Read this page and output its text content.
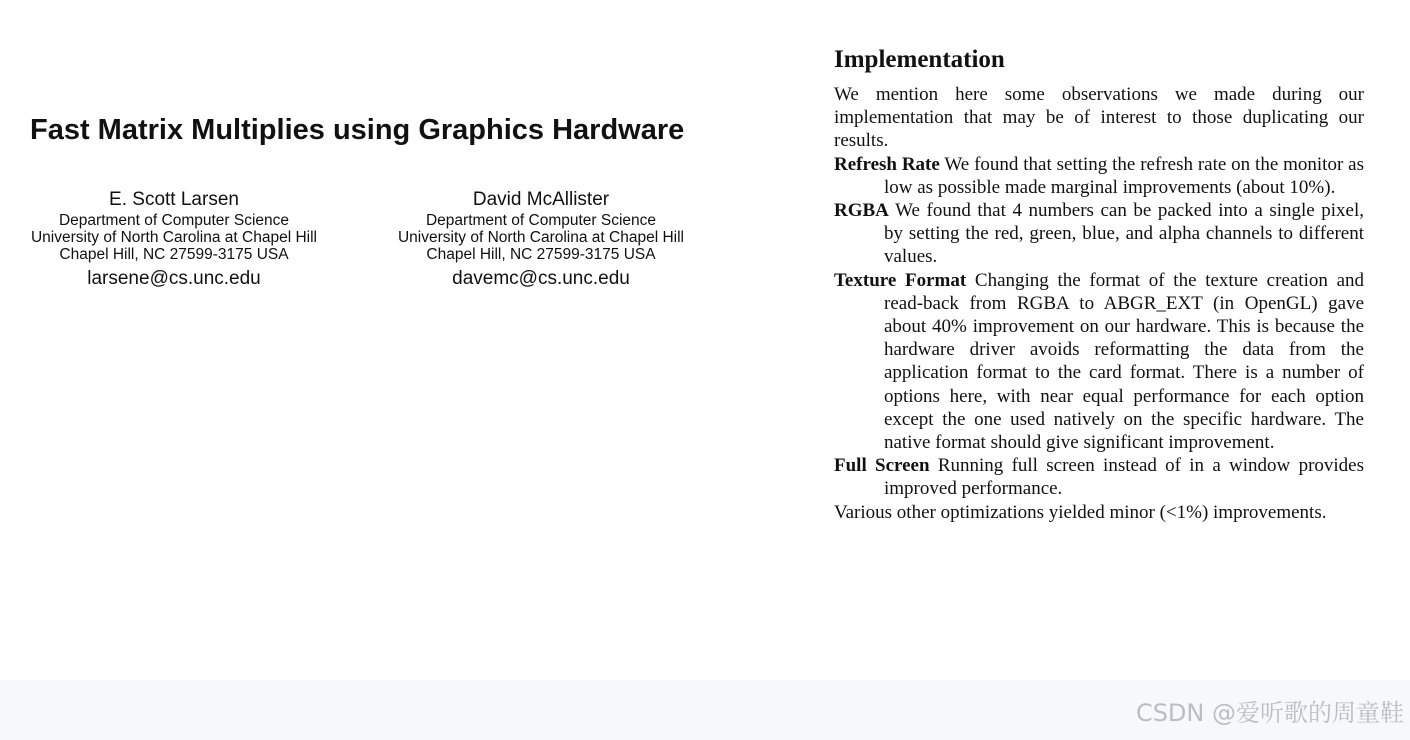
Fast Matrix Multiplies using Graphics Hardware
E. Scott Larsen
Department of Computer Science
University of North Carolina at Chapel Hill
Chapel Hill, NC 27599-3175 USA
larsene@cs.unc.edu
David McAllister
Department of Computer Science
University of North Carolina at Chapel Hill
Chapel Hill, NC 27599-3175 USA
davemc@cs.unc.edu
Implementation

We mention here some observations we made during our implementation that may be of interest to those duplicating our results.

Refresh Rate We found that setting the refresh rate on the monitor as low as possible made marginal improvements (about 10%).

RGBA We found that 4 numbers can be packed into a single pixel, by setting the red, green, blue, and alpha channels to different values.

Texture Format Changing the format of the texture creation and read-back from RGBA to ABGR_EXT (in OpenGL) gave about 40% improvement on our hardware. This is because the hardware driver avoids reformatting the data from the application format to the card format. There is a number of options here, with near equal performance for each option except the one used natively on the specific hardware. The native format should give significant improvement.

Full Screen Running full screen instead of in a window provides improved performance.

Various other optimizations yielded minor (<1%) improvements.

CSDN @爱听歌的周童鞋
